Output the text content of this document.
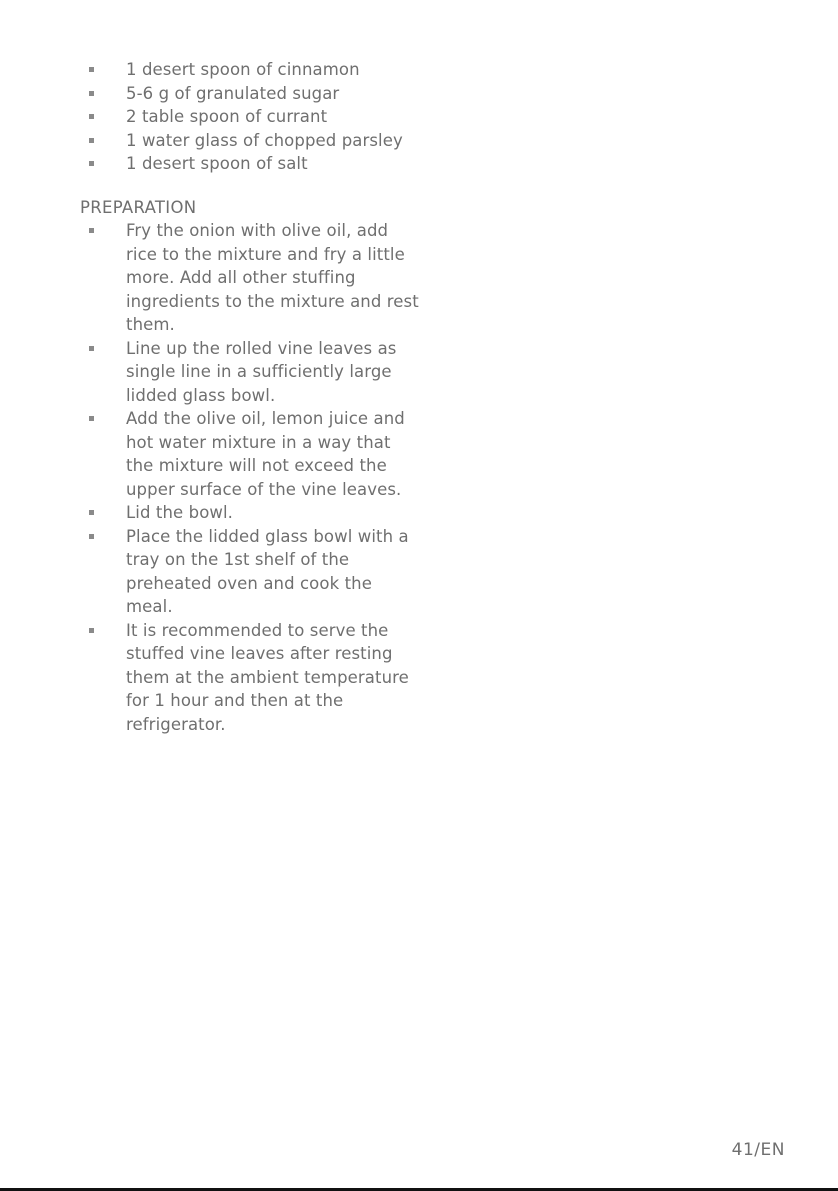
1 desert spoon of cinnamon
5-6 g of granulated sugar
2 table spoon of currant
1 water glass of chopped parsley
1 desert spoon of salt
PREPARATION
Fry the onion with olive oil, add rice to the mixture and fry a little more. Add all other stuffing ingredients to the mixture and rest them.
Line up the rolled vine leaves as single line in a sufficiently large lidded glass bowl.
Add the olive oil, lemon juice and hot water mixture in a way that the mixture will not exceed the upper surface of the vine leaves.
Lid the bowl.
Place the lidded glass bowl with a tray on the 1st shelf of the preheated oven and cook the meal.
It is recommended to serve the stuffed vine leaves after resting them at the ambient temperature for 1 hour and then at the refrigerator.
41/EN
